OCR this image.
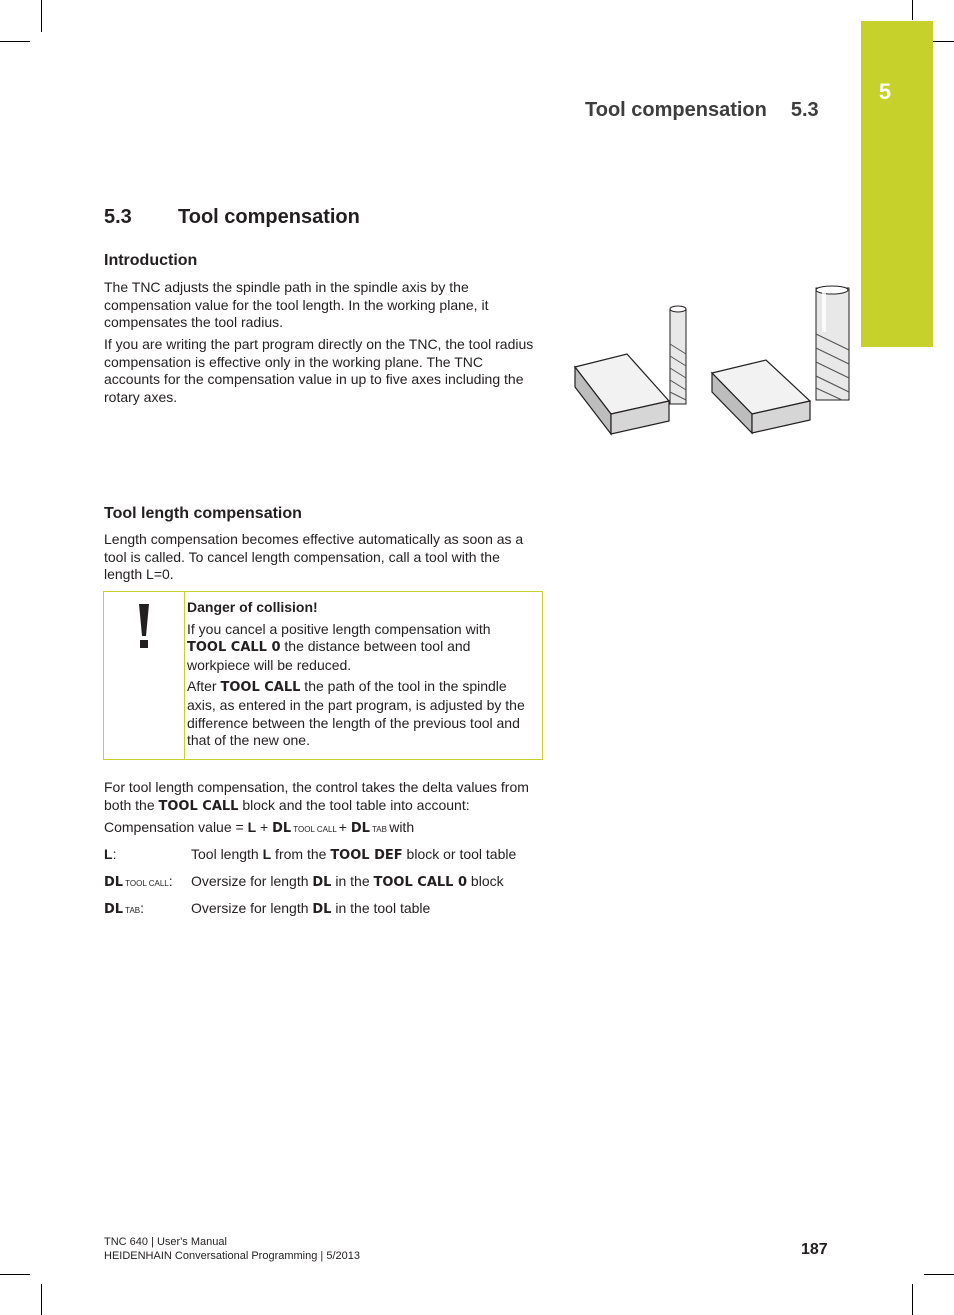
5
Tool compensation 5.3
5.3 Tool compensation
Introduction

The TNC adjusts the spindle path in the spindle axis by the compensation value for the tool length. In the working plane, it compensates the tool radius.

If you are writing the part program directly on the TNC, the tool radius compensation is effective only in the working plane. The TNC accounts for the compensation value in up to five axes including the rotary axes.

Tool length compensation

Length compensation becomes effective automatically as soon as a tool is called. To cancel length compensation, call a tool with the length L=0.

Danger of collision!

If you cancel a positive length compensation with TOOL CALL 0 the distance between tool and workpiece will be reduced.

After TOOL CALL the path of the tool in the spindle axis, as entered in the part program, is adjusted by the difference between the length of the previous tool and that of the new one.

For tool length compensation, the control takes the delta values from both the TOOL CALL block and the tool table into account:

Compensation value = L + DL TOOL CALL + DL TAB with

L:	Tool length L from the TOOL DEF block or tool table
DL TOOL CALL: Oversize for length DL in the TOOL CALL 0 block
DL TAB:	Oversize for length DL in the tool table
TNC 640 | User's Manual
HEIDENHAIN Conversational Programming | 5/2013	187
